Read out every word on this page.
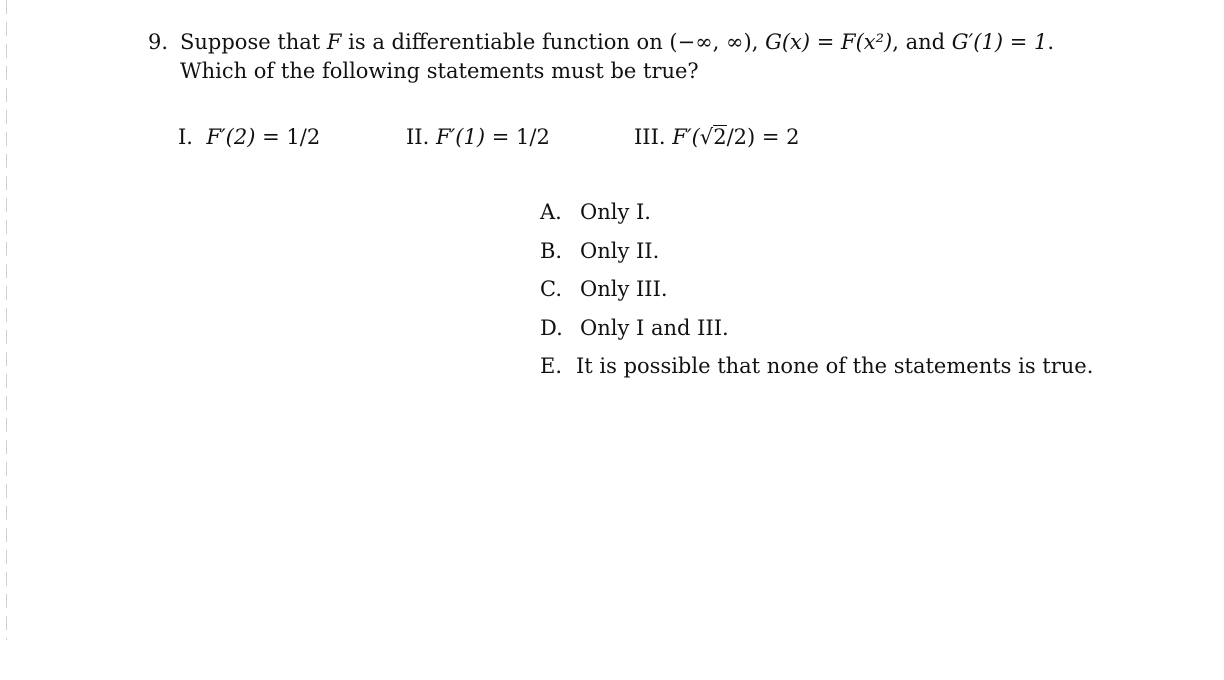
9. Suppose that F is a differentiable function on (−∞, ∞), G(x) = F(x²), and G′(1) = 1.
Which of the following statements must be true?
I. F′(2) = 1/2	II. F′(1) = 1/2	III. F′(√2/2) = 2
A. Only I.
B. Only II.
C. Only III.
D. Only I and III.
E. It is possible that none of the statements is true.
